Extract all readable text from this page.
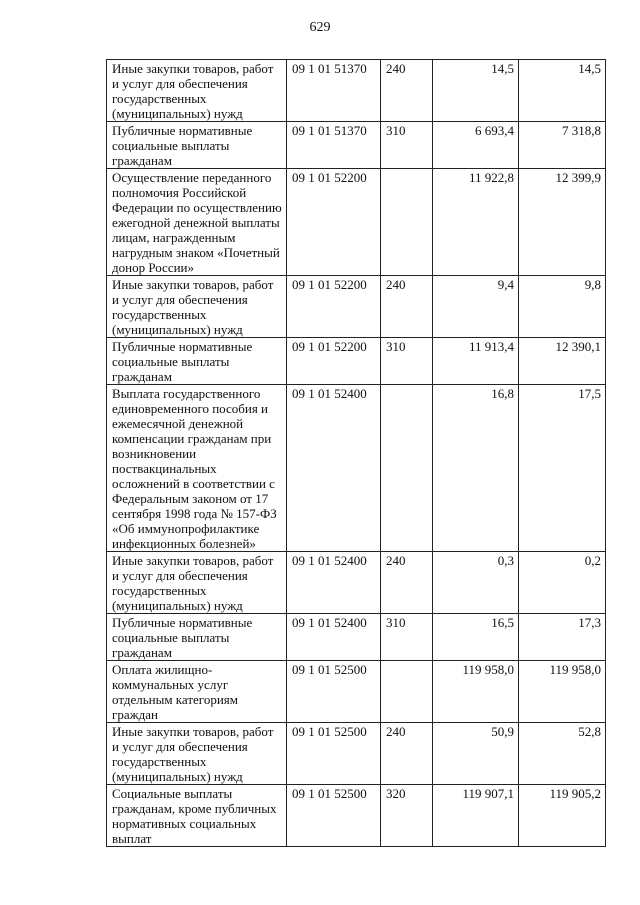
629
Иные закупки товаров, работ и услуг для обеспечения государственных (муниципальных) нужд	09 1 01 51370	240	14,5	14,5
Публичные нормативные социальные выплаты гражданам	09 1 01 51370	310	6 693,4	7 318,8
Осуществление переданного полномочия Российской Федерации по осуществлению ежегодной денежной выплаты лицам, награжденным нагрудным знаком «Почетный донор России»	09 1 01 52200		11 922,8	12 399,9
Иные закупки товаров, работ и услуг для обеспечения государственных (муниципальных) нужд	09 1 01 52200	240	9,4	9,8
Публичные нормативные социальные выплаты гражданам	09 1 01 52200	310	11 913,4	12 390,1
Выплата государственного единовременного пособия и ежемесячной денежной компенсации гражданам при возникновении поствакцинальных осложнений в соответствии с Федеральным законом от 17 сентября 1998 года № 157-ФЗ «Об иммунопрофилактике инфекционных болезней»	09 1 01 52400		16,8	17,5
Иные закупки товаров, работ и услуг для обеспечения государственных (муниципальных) нужд	09 1 01 52400	240	0,3	0,2
Публичные нормативные социальные выплаты гражданам	09 1 01 52400	310	16,5	17,3
Оплата жилищно-коммунальных услуг отдельным категориям граждан	09 1 01 52500		119 958,0	119 958,0
Иные закупки товаров, работ и услуг для обеспечения государственных (муниципальных) нужд	09 1 01 52500	240	50,9	52,8
Социальные выплаты гражданам, кроме публичных нормативных социальных выплат	09 1 01 52500	320	119 907,1	119 905,2
